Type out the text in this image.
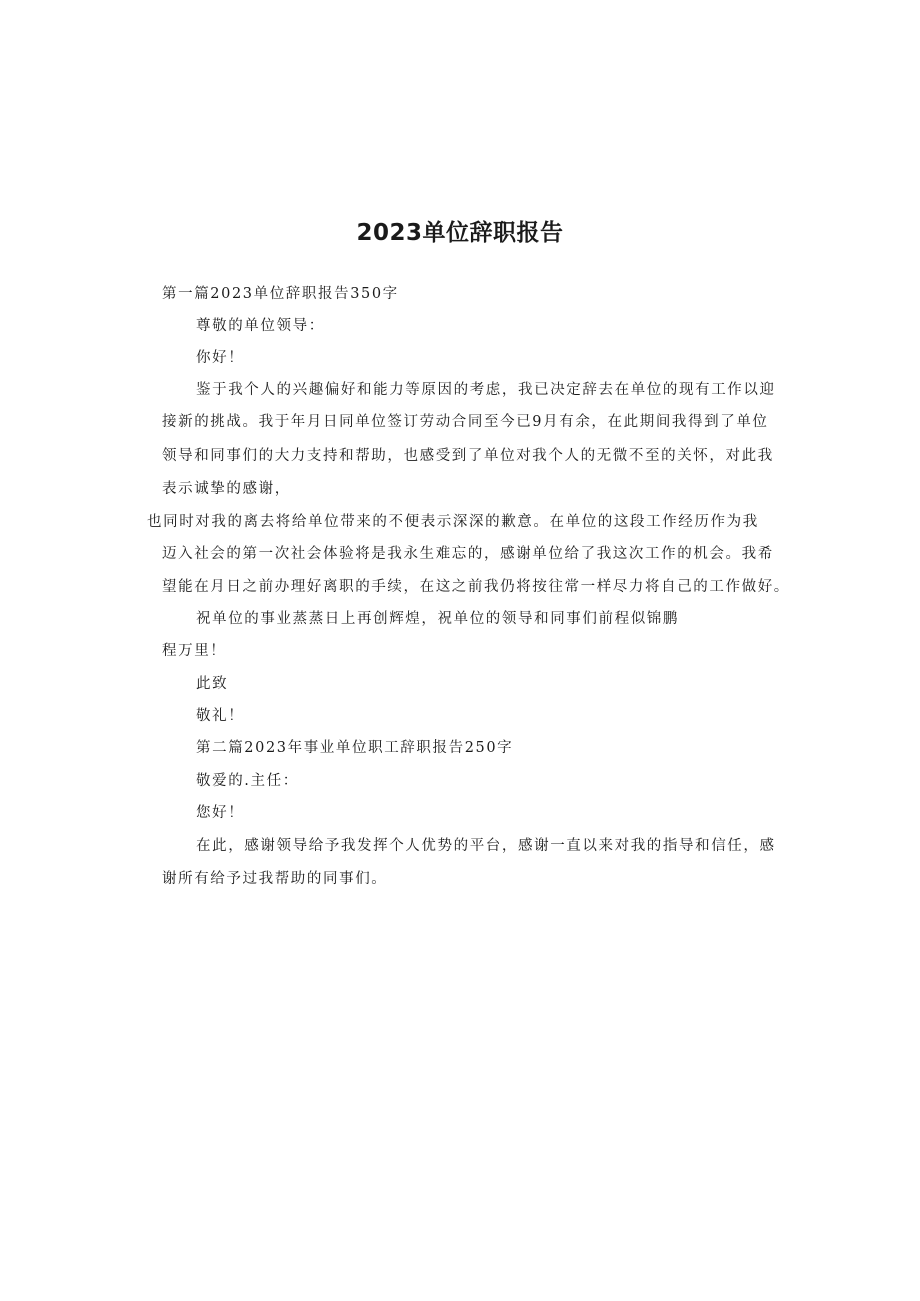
2023单位辞职报告
第一篇2023单位辞职报告350字
尊敬的单位领导：
你好！
鉴于我个人的兴趣偏好和能力等原因的考虑，我已决定辞去在单位的现有工作以迎
接新的挑战。我于年月日同单位签订劳动合同至今已9月有余，在此期间我得到了单位
领导和同事们的大力支持和帮助，也感受到了单位对我个人的无微不至的关怀，对此我
表示诚挚的感谢，
也同时对我的离去将给单位带来的不便表示深深的歉意。在单位的这段工作经历作为我
迈入社会的第一次社会体验将是我永生难忘的，感谢单位给了我这次工作的机会。我希
望能在月日之前办理好离职的手续，在这之前我仍将按往常一样尽力将自己的工作做好。
祝单位的事业蒸蒸日上再创辉煌，祝单位的领导和同事们前程似锦鹏
程万里！
此致
敬礼！
第二篇2023年事业单位职工辞职报告250字
敬爱的.主任：
您好！
在此，感谢领导给予我发挥个人优势的平台，感谢一直以来对我的指导和信任，感
谢所有给予过我帮助的同事们。
